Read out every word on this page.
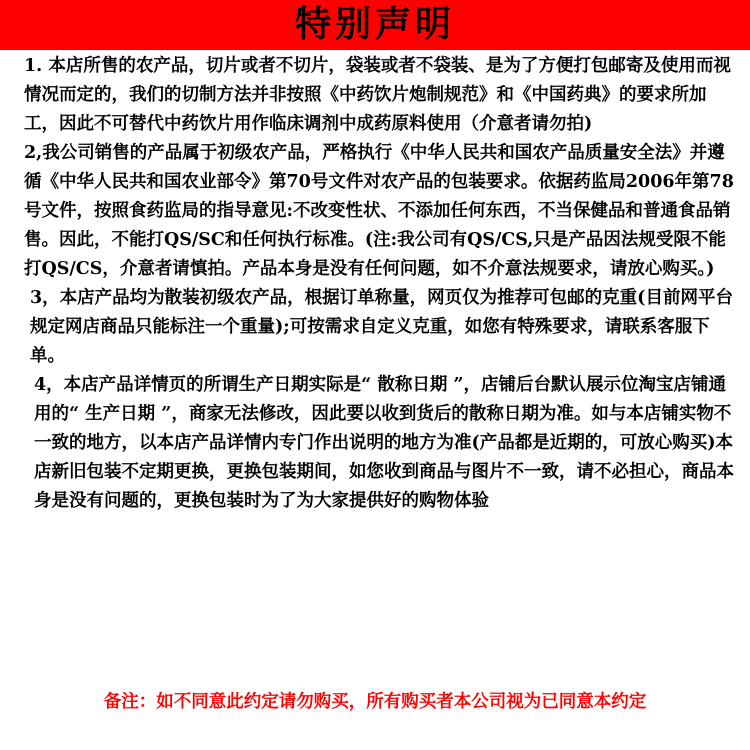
特别声明

1. 本店所售的农产品，切片或者不切片，袋装或者不袋装、是为了方便打包邮寄及使用而视情况而定的，我们的切制方法并非按照《中药饮片炮制规范》和《中国药典》的要求所加工，因此不可替代中药饮片用作临床调剂中成药原料使用（介意者请勿拍)

2,我公司销售的产品属于初级农产品，严格执行《中华人民共和国农产品质量安全法》并遵循《中华人民共和国农业部令》第70号文件对农产品的包装要求。依据药监局2006年第78号文件，按照食药监局的指导意见:不改变性状、不添加任何东西，不当保健品和普通食品销售。因此，不能打QS/SC和任何执行标准。(注:我公司有QS/CS,只是产品因法规受限不能打QS/CS，介意者请慎拍。产品本身是没有任何问题，如不介意法规要求，请放心购买。)

3，本店产品均为散装初级农产品，根据订单称量，网页仅为推荐可包邮的克重(目前网平台规定网店商品只能标注一个重量);可按需求自定义克重，如您有特殊要求，请联系客服下单。

4，本店产品详情页的所谓生产日期实际是“ 散称日期 ”，店铺后台默认展示位淘宝店铺通用的“ 生产日期 ”，商家无法修改，因此要以收到货后的散称日期为准。如与本店铺实物不一致的地方，以本店产品详情内专门作出说明的地方为准(产品都是近期的，可放心购买)本店新旧包装不定期更换，更换包装期间，如您收到商品与图片不一致，请不必担心，商品本身是没有问题的，更换包装时为了为大家提供好的购物体验

备注：如不同意此约定请勿购买，所有购买者本公司视为已同意本约定
